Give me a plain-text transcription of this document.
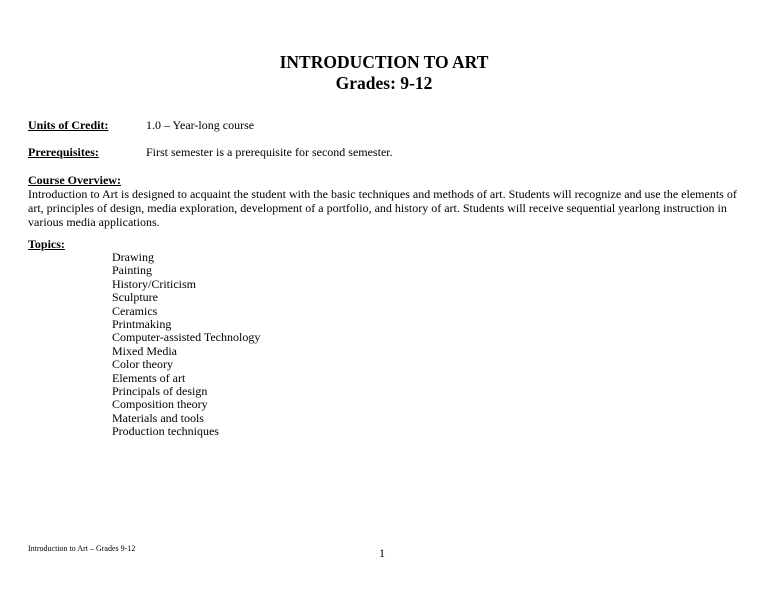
INTRODUCTION TO ART
Grades: 9-12
Units of Credit:	1.0 – Year-long course
Prerequisites:	First semester is a prerequisite for second semester.
Course Overview:
Introduction to Art is designed to acquaint the student with the basic techniques and methods of art. Students will recognize and use the elements of art, principles of design, media exploration, development of a portfolio, and history of art. Students will receive sequential yearlong instruction in various media applications.
Topics:
Drawing
Painting
History/Criticism
Sculpture
Ceramics
Printmaking
Computer-assisted Technology
Mixed Media
Color theory
Elements of art
Principals of design
Composition theory
Materials and tools
Production techniques
Introduction to Art – Grades 9-12	1
